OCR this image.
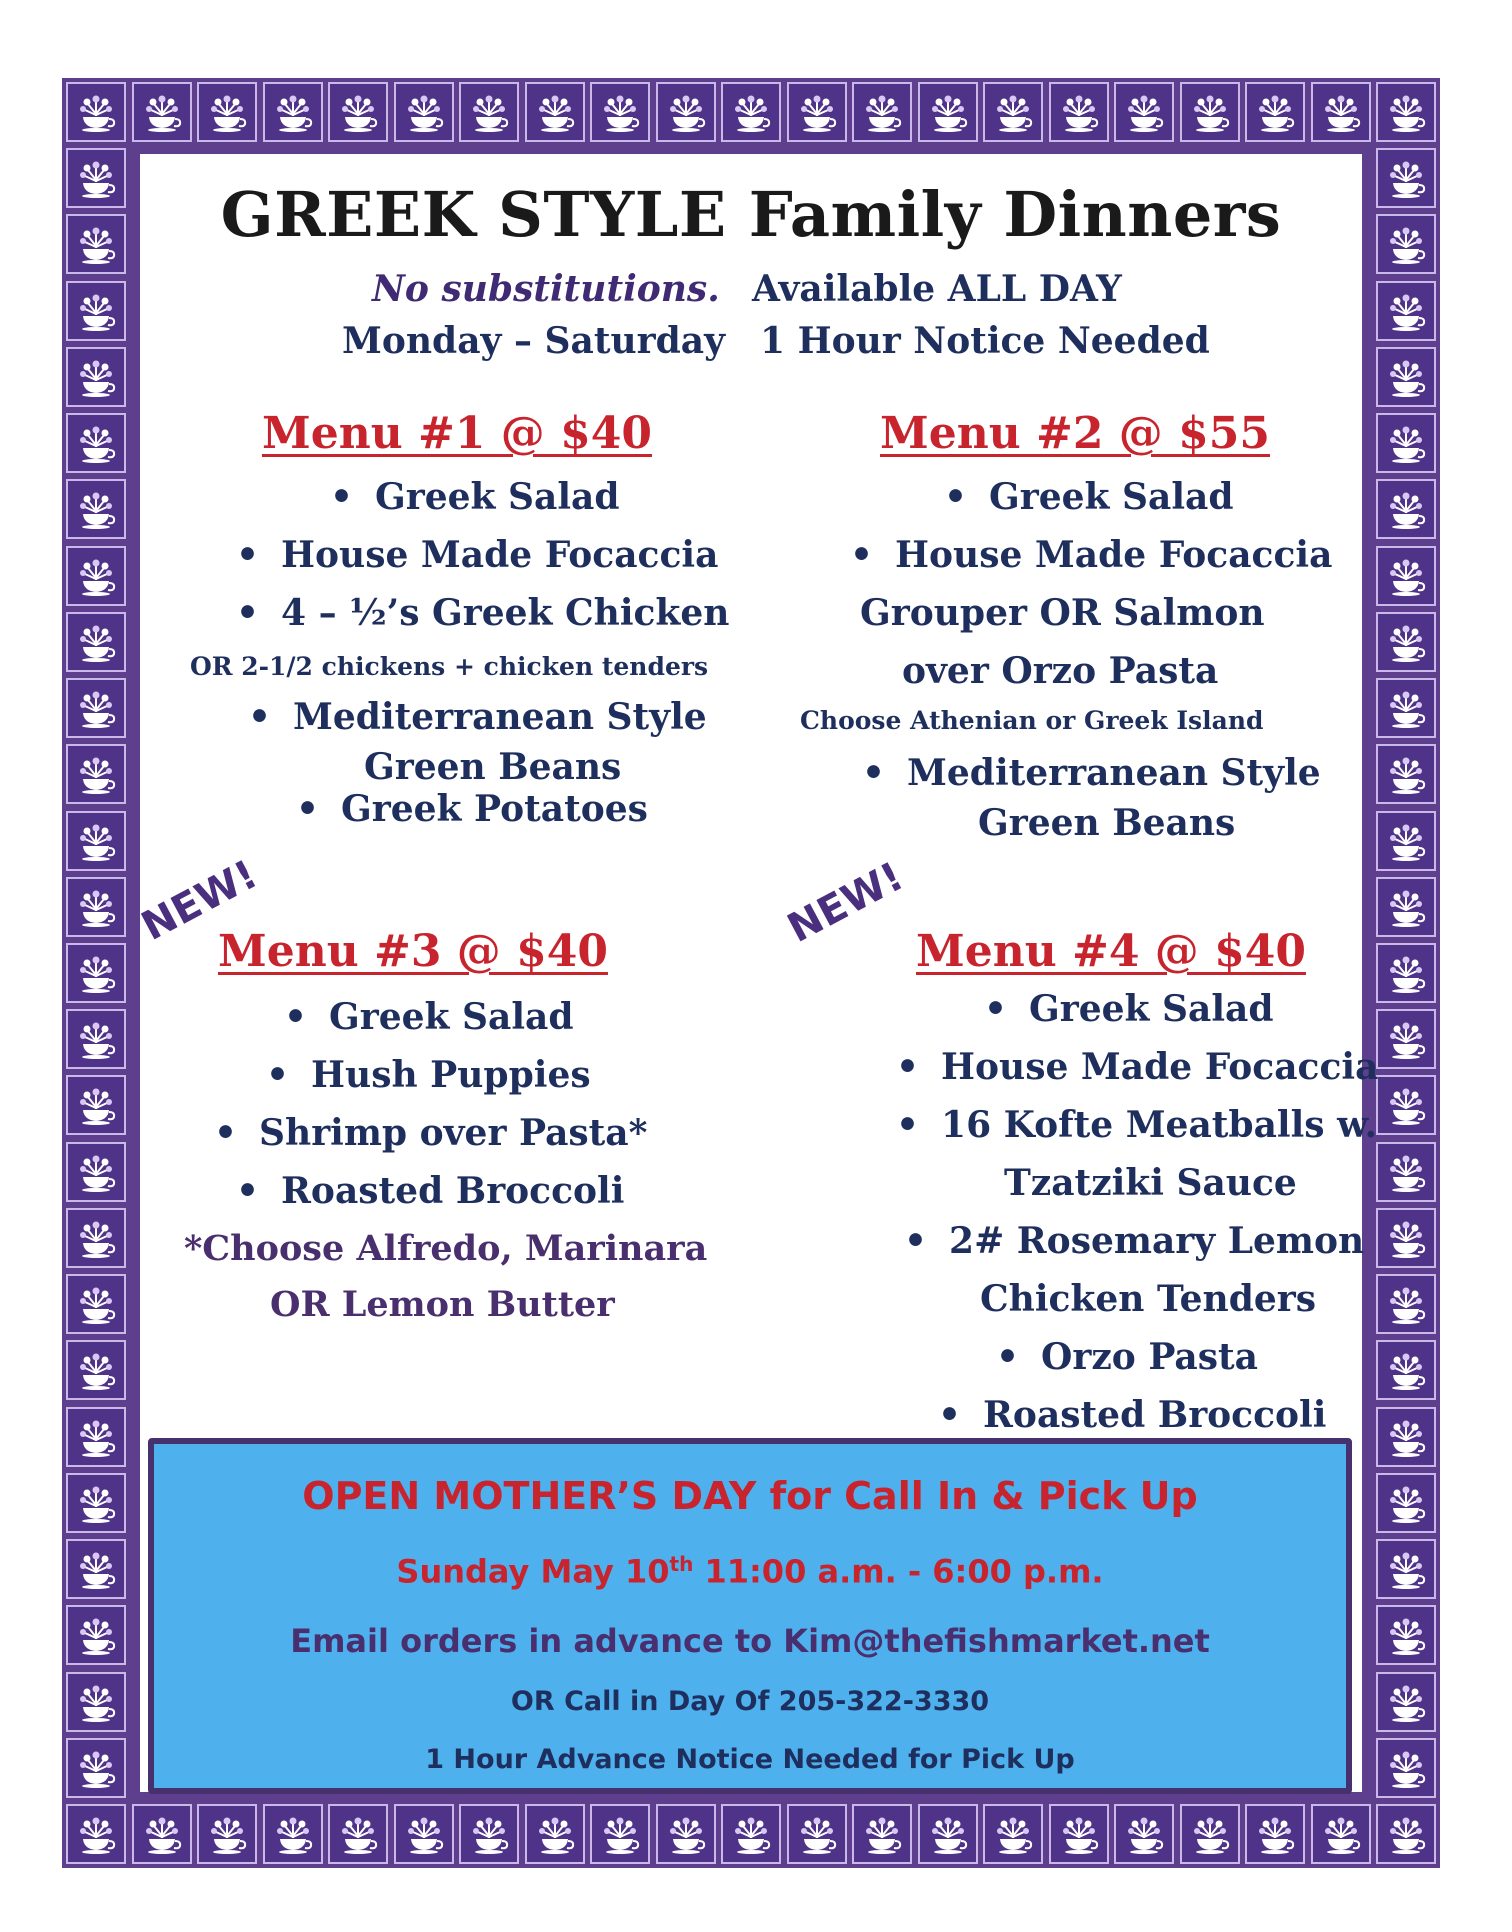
GREEK STYLE Family Dinners
No substitutions. Available ALL DAY
Monday – Saturday 1 Hour Notice Needed
Menu #1 @ $40
• Greek Salad
• House Made Focaccia
• 4 – ½’s Greek Chicken
OR 2-1/2 chickens + chicken tenders
• Mediterranean Style
Green Beans
• Greek Potatoes
Menu #2 @ $55
• Greek Salad
• House Made Focaccia
Grouper OR Salmon
over Orzo Pasta
Choose Athenian or Greek Island
• Mediterranean Style
Green Beans
NEW!
Menu #3 @ $40
• Greek Salad
• Hush Puppies
• Shrimp over Pasta*
• Roasted Broccoli
*Choose Alfredo, Marinara
OR Lemon Butter
NEW! Menu #4 @ $40
• Greek Salad
• House Made Focaccia
• 16 Kofte Meatballs w.
Tzatziki Sauce
• 2# Rosemary Lemon
Chicken Tenders
• Orzo Pasta
• Roasted Broccoli
OPEN MOTHER’S DAY for Call In & Pick Up
Sunday May 10th 11:00 a.m. - 6:00 p.m.
Email orders in advance to Kim@thefishmarket.net
OR Call in Day Of 205-322-3330
1 Hour Advance Notice Needed for Pick Up
